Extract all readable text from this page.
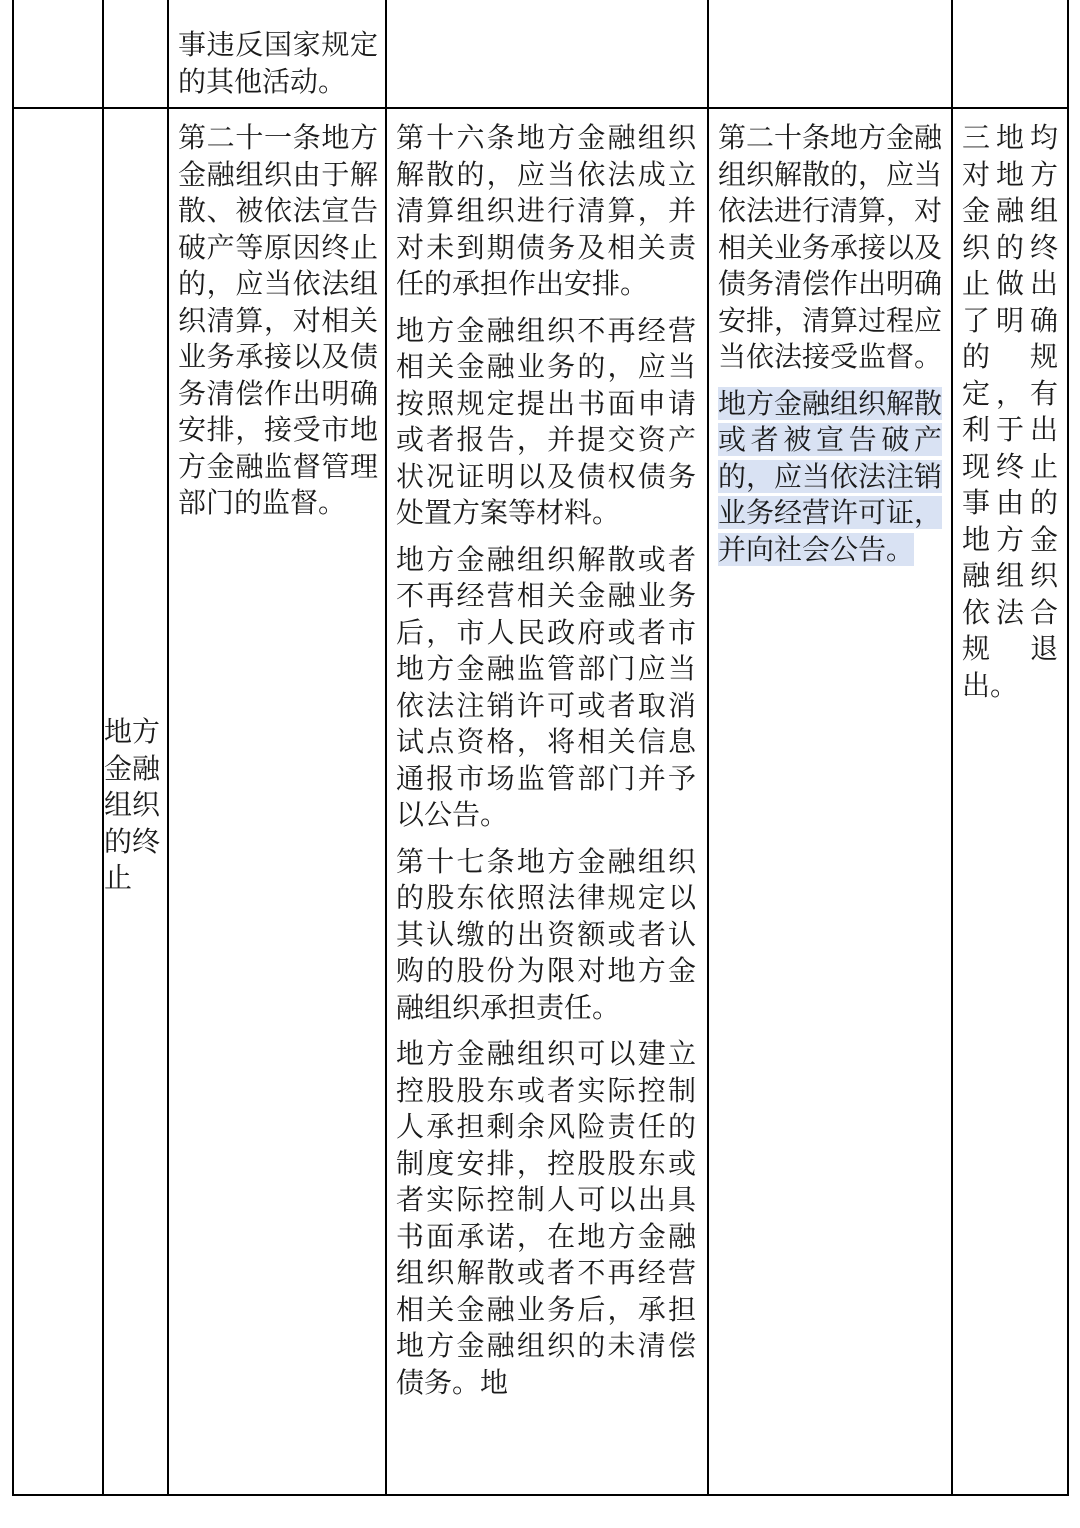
事违反国家规定的其他活动。

地方金融组织的终止

第二十一条地方金融组织由于解散、被依法宣告破产等原因终止的，应当依法组织清算，对相关业务承接以及债务清偿作出明确安排，接受市地方金融监督管理部门的监督。

第十六条地方金融组织解散的，应当依法成立清算组织进行清算，并对未到期债务及相关责任的承担作出安排。

地方金融组织不再经营相关金融业务的，应当按照规定提出书面申请或者报告，并提交资产状况证明以及债权债务处置方案等材料。

地方金融组织解散或者不再经营相关金融业务后，市人民政府或者市地方金融监管部门应当依法注销许可或者取消试点资格，将相关信息通报市场监管部门并予以公告。

第十七条地方金融组织的股东依照法律规定以其认缴的出资额或者认购的股份为限对地方金融组织承担责任。

地方金融组织可以建立控股股东或者实际控制人承担剩余风险责任的制度安排，控股股东或者实际控制人可以出具书面承诺，在地方金融组织解散或者不再经营相关金融业务后，承担地方金融组织的未清偿债务。地

第二十条地方金融组织解散的，应当依法进行清算，对相关业务承接以及债务清偿作出明确安排，清算过程应当依法接受监督。

地方金融组织解散或者被宣告破产的，应当依法注销业务经营许可证，并向社会公告。

三地均对地方金融组织的终止做出了明确的规定，有利于出现终止事由的地方金融组织依法合规退出。
